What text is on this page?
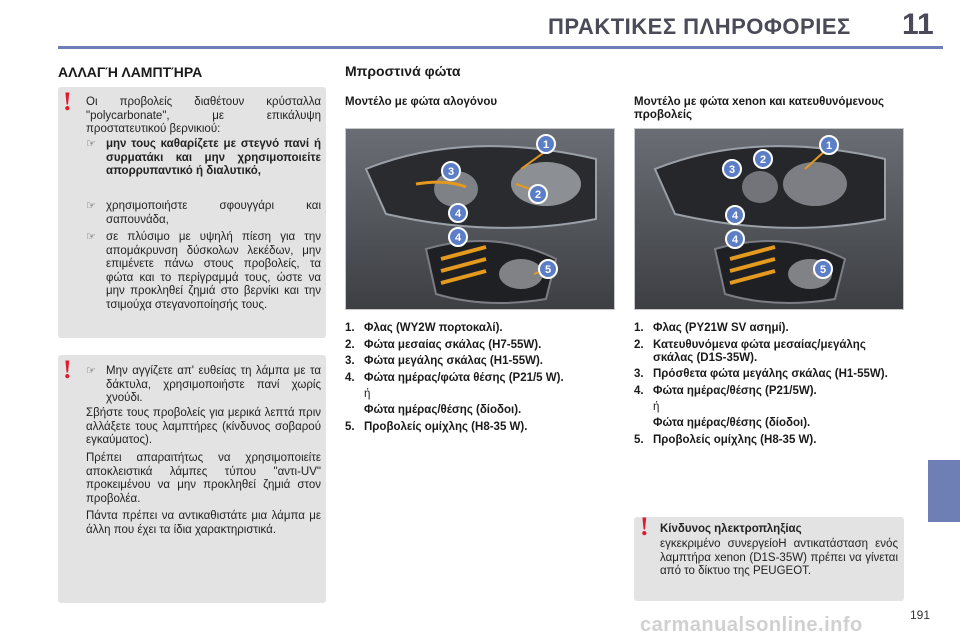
ΠΡΑΚΤΙΚΕΣ ΠΛΗΡΟΦΟΡΙΕΣ 11
ΑΛΛΑΓΉ ΛΑΜΠΤΉΡΑ
! Οι προβολείς διαθέτουν κρύσταλλα "polycarbonate", με επικάλυψη προστατευτικού βερνικιού:
☞ μην τους καθαρίζετε με στεγνό πανί ή συρματάκι και μην χρησιμοποιείτε απορρυπαντικό ή διαλυτικό,
☞ χρησιμοποιήστε σφουγγάρι και σαπουνάδα,
☞ σε πλύσιμο με υψηλή πίεση για την απομάκρυνση δύσκολων λεκέδων, μην επιμένετε πάνω στους προβολείς, τα φώτα και το περίγραμμά τους, ώστε να μην προκληθεί ζημιά στο βερνίκι και την τσιμούχα στεγανοποίησής τους.
! ☞ Μην αγγίζετε απ' ευθείας τη λάμπα με τα δάκτυλα, χρησιμοποιήστε πανί χωρίς χνούδι.
Σβήστε τους προβολείς για μερικά λεπτά πριν αλλάξετε τους λαμπτήρες (κίνδυνος σοβαρού εγκαύματος).
Πρέπει απαραιτήτως να χρησιμοποιείτε αποκλειστικά λάμπες τύπου "αντι-UV" προκειμένου να μην προκληθεί ζημιά στον προβολέα.
Πάντα πρέπει να αντικαθιστάτε μια λάμπα με άλλη που έχει τα ίδια χαρακτηριστικά.
Μπροστινά φώτα
Μοντέλο με φώτα αλογόνου
1
2
3
4
4
5
1. Φλας (WY2W πορτοκαλί).
2. Φώτα μεσαίας σκάλας (H7-55W).
3. Φώτα μεγάλης σκάλας (H1-55W).
4. Φώτα ημέρας/φώτα θέσης (P21/5 W).
ή
Φώτα ημέρας/θέσης (δίοδοι).
5. Προβολείς ομίχλης (H8-35 W).
Μοντέλο με φώτα xenon και κατευθυνόμενους προβολείς
1
2
3
4
4
5
1. Φλας (PY21W SV ασημί).
2. Κατευθυνόμενα φώτα μεσαίας/μεγάλης σκάλας (D1S-35W).
3. Πρόσθετα φώτα μεγάλης σκάλας (H1-55W).
4. Φώτα ημέρας/θέσης (P21/5W).
ή
Φώτα ημέρας/θέσης (δίοδοι).
5. Προβολείς ομίχλης (H8-35 W).
! Κίνδυνος ηλεκτροπληξίας
εγκεκριμένο συνεργείοΗ αντικατάσταση ενός λαμπτήρα xenon (D1S-35W) πρέπει να γίνεται από το δίκτυο της PEUGEOT.
191
carmanualsonline.info
